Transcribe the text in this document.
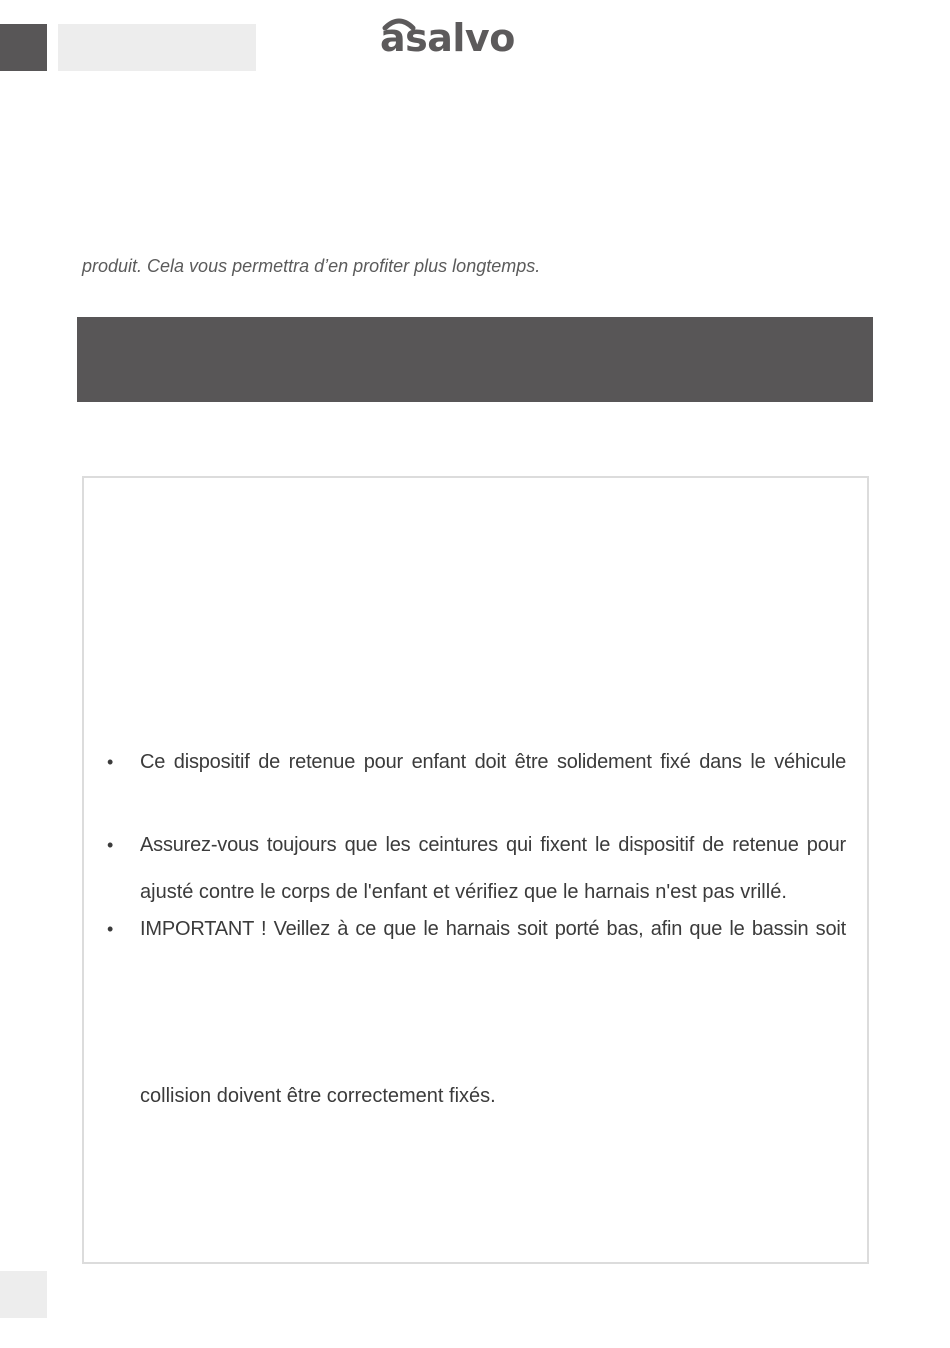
asalvo
produit. Cela vous permettra d’en profiter plus longtemps.
• Ce dispositif de retenue pour enfant doit être solidement fixé dans le véhicule
• Assurez-vous toujours que les ceintures qui fixent le dispositif de retenue pour
ajusté contre le corps de l'enfant et vérifiez que le harnais n'est pas vrillé.
• IMPORTANT ! Veillez à ce que le harnais soit porté bas, afin que le bassin soit
collision doivent être correctement fixés.
